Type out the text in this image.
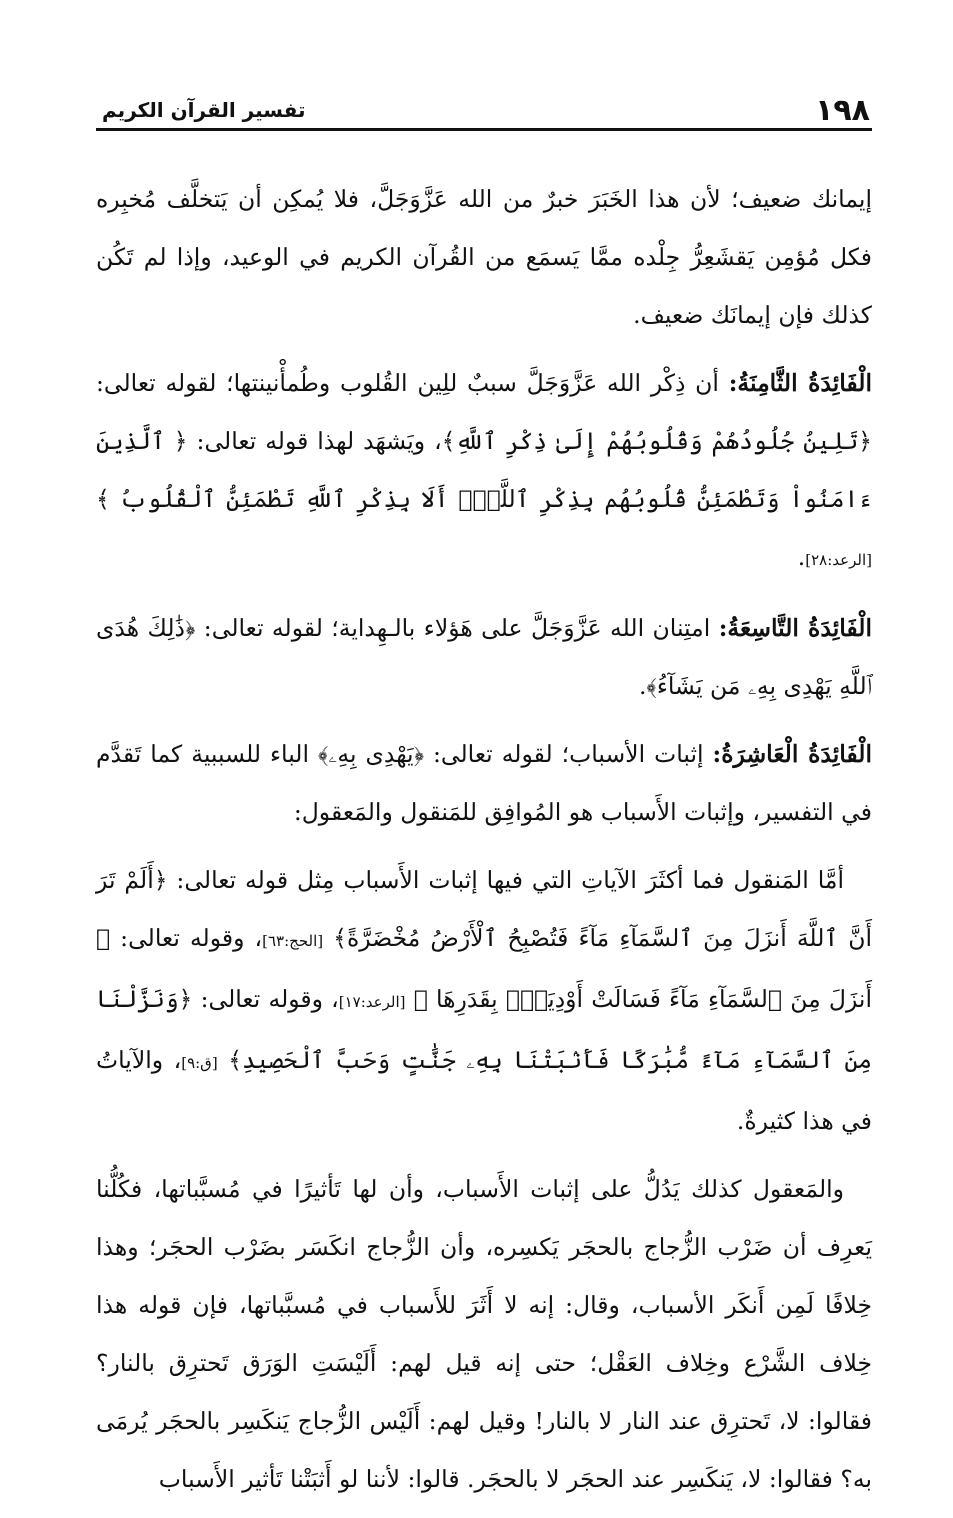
١٩٨
تفسير القرآن الكريم

إيمانك ضعيف؛ لأن هذا الخَبَرَ خبرٌ من الله عَزَّوَجَلَّ، فلا يُمكِن أن يَتخلَّف مُخبِره فكل مُؤمِن يَقشَعِرُّ جِلْده ممَّا يَسمَع من القُرآن الكريم في الوعيد، وإذا لم تَكُن كذلك فإن إيمانَك ضعيف.

الْفَائِدَةُ الثَّامِنَةُ: أن ذِكْر الله عَزَّوَجَلَّ سببٌ للِين القُلوب وطُمأْنينتها؛ لقوله تعالى: ﴿تَلِينُ جُلُودُهُمْ وَقُلُوبُهُمْ إِلَىٰ ذِكْرِ ٱللَّهِ﴾، ويَشهَد لهذا قوله تعالى: ﴿ ٱلَّذِينَ ءَامَنُواْ وَتَطْمَئِنُّ قُلُوبُهُم بِذِكْرِ ٱللَّهِۗ أَلَا بِذِكْرِ ٱللَّهِ تَطْمَئِنُّ ٱلْقُلُوبُ ﴾ [الرعد:٢٨].

الْفَائِدَةُ التَّاسِعَةُ: امتِنان الله عَزَّوَجَلَّ على هَؤلاء بالـهِداية؛ لقوله تعالى: ﴿ذَٰلِكَ هُدَى ٱللَّهِ يَهْدِى بِهِۦ مَن يَشَآءُ﴾.

الْفَائِدَةُ الْعَاشِرَةُ: إثبات الأسباب؛ لقوله تعالى: ﴿يَهْدِى بِهِۦ﴾ الباء للسببية كما تَقدَّم في التفسير، وإثبات الأَسباب هو المُوافِق للمَنقول والمَعقول:

أمَّا المَنقول فما أكثَرَ الآياتِ التي فيها إثبات الأَسباب مِثل قوله تعالى: ﴿أَلَمْ تَرَ أَنَّ ٱللَّهَ أَنزَلَ مِنَ ٱلسَّمَآءِ مَآءً فَتُصْبِحُ ٱلْأَرْضُ مُخْضَرَّةً﴾ [الحج:٦٣]، وقوله تعالى: ﴿ أَنزَلَ مِنَ ٱلسَّمَآءِ مَآءً فَسَالَتْ أَوْدِيَةُۢ بِقَدَرِهَا ﴾ [الرعد:١٧]، وقوله تعالى: ﴿وَنَزَّلْنَا مِنَ ٱلسَّمَآءِ مَآءً مُّبَٰرَكًا فَأَنۢبَتْنَا بِهِۦ جَنَّٰتٍ وَحَبَّ ٱلْحَصِيدِ﴾ [ق:٩]، والآياتُ في هذا كثيرةٌ.

والمَعقول كذلك يَدُلُّ على إثبات الأَسباب، وأن لها تَأثيرًا في مُسبَّباتها، فكُلُّنا يَعرِف أن ضَرْب الزُّجاج بالحجَر يَكسِره، وأن الزُّجاج انكَسَر بضَرْب الحجَر؛ وهذا خِلافًا لَمِن أَنكَر الأسباب، وقال: إنه لا أَثَرَ للأَسباب في مُسبَّباتها، فإن قوله هذا خِلاف الشَّرْع وخِلاف العَقْل؛ حتى إنه قيل لهم: أَلَيْسَتِ الوَرَق تَحترِق بالنار؟ فقالوا: لا، تَحترِق عند النار لا بالنار! وقيل لهم: أَلَيْس الزُّجاج يَنكَسِر بالحجَر يُرمَى به؟ فقالوا: لا، يَنكَسِر عند الحجَر لا بالحجَر. قالوا: لأننا لو أَثبَتْنا تَأثير الأَسباب
